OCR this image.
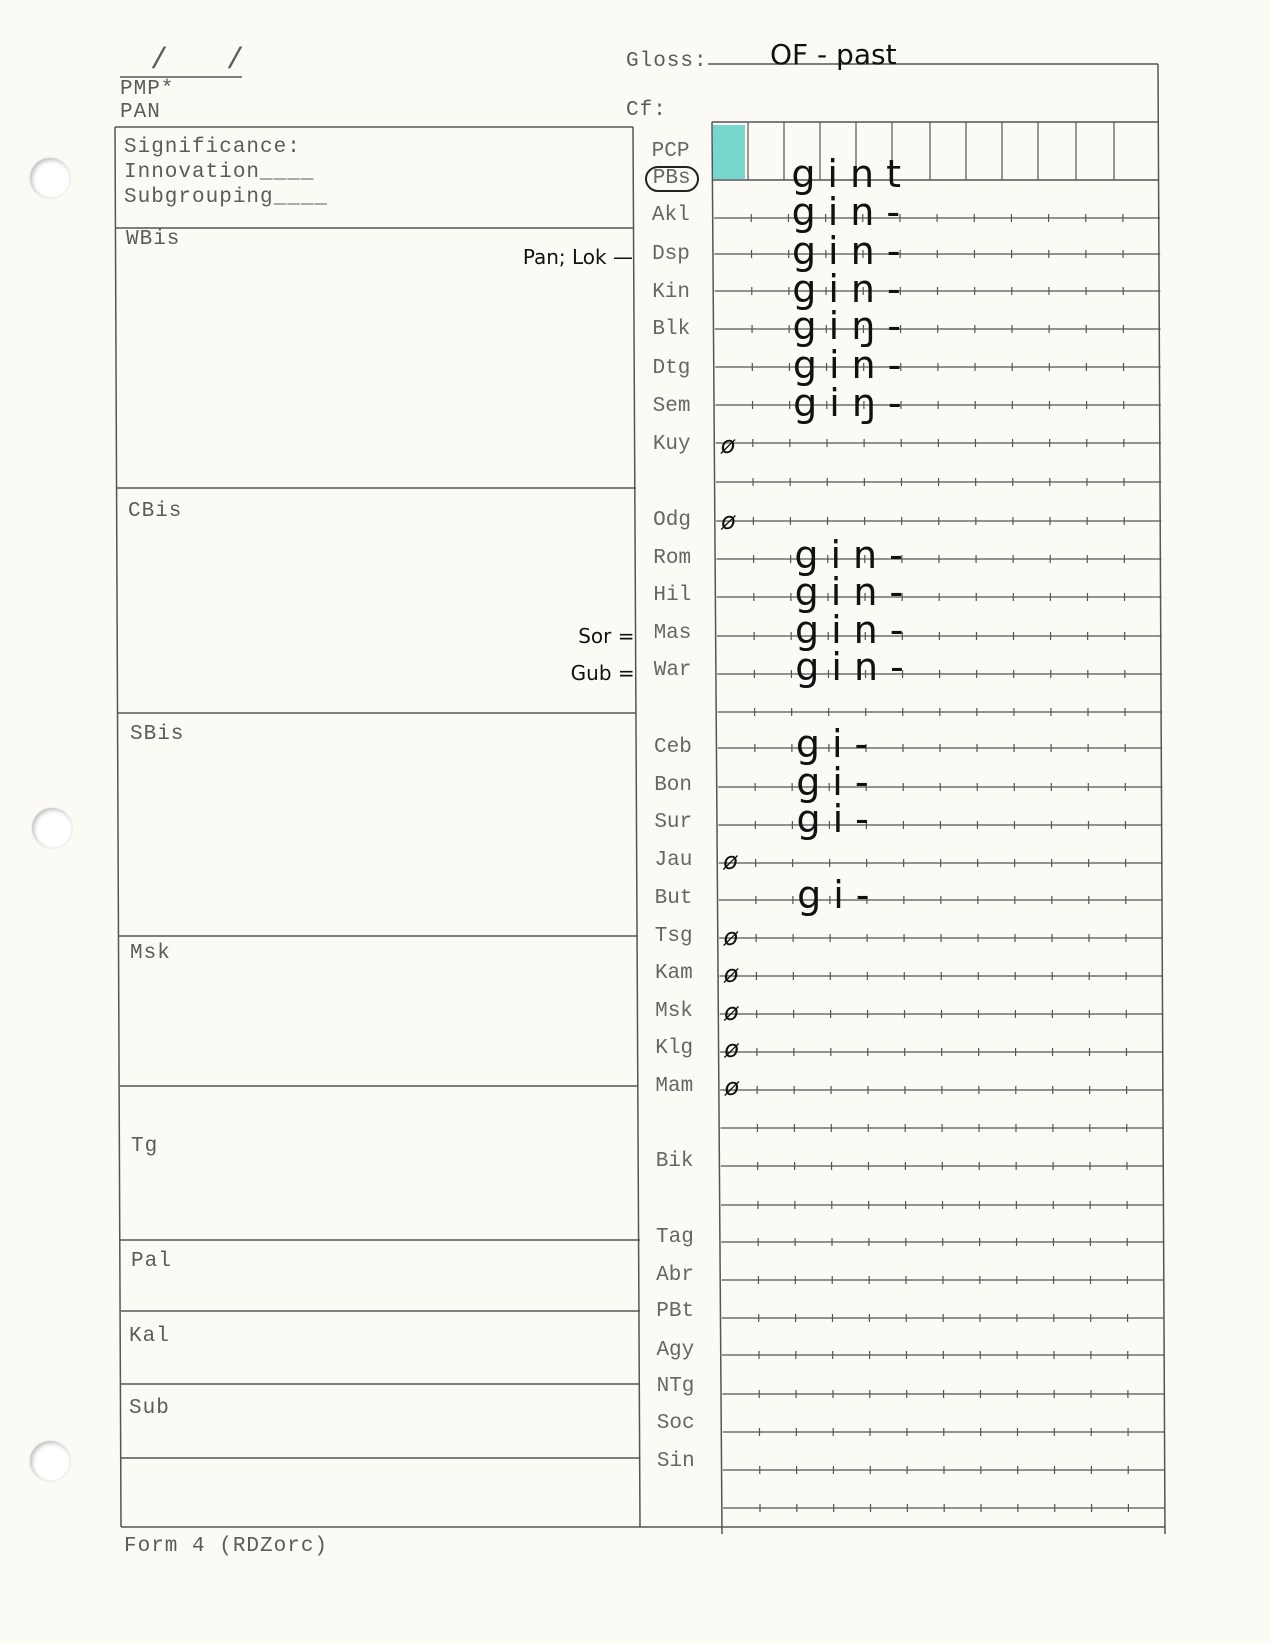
/ /
PMP*
PAN
Gloss: OF - past
Cf:
Significance:
Innovation____
Subgrouping____
WBis
CBis
SBis
Msk
Tg
Pal
Kal
Sub
Form 4 (RDZorc)
PCP
PBs	gint
Akl	gin-
Dsp	gin-
Pan; Lok —
Kin	gin-
Blk	giŋ-
Dtg	gin-
Sem	giŋ-
Kuy	ø
Odg	ø
Rom	gin-
Hil	gin-
Mas	gin-
Sor =
War	gin-
Gub =
Ceb	gi-
Bon	gi-
Sur	gi-
Jau	ø
But	gi-
Tsg	ø
Kam	ø
Msk	ø
Klg	ø
Mam	ø
Bik
Tag
Abr
PBt
Agy
NTg
Soc
Sin
